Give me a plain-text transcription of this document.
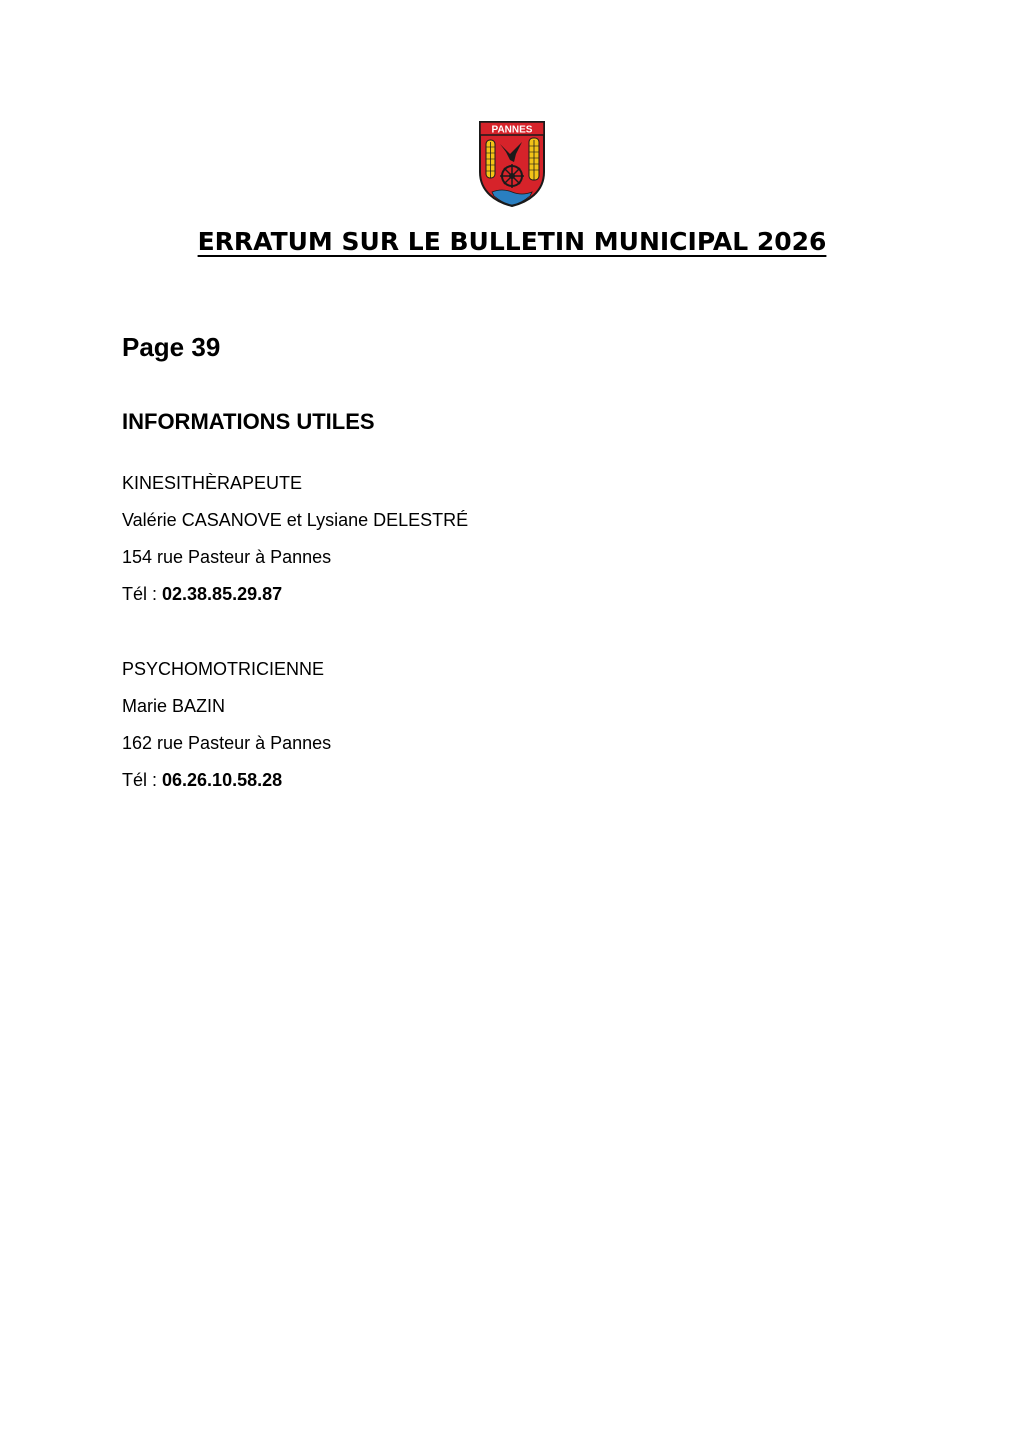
PANNES
ERRATUM SUR LE BULLETIN MUNICIPAL 2026
Page 39
INFORMATIONS UTILES
KINESITHÈRAPEUTE
Valérie CASANOVE et Lysiane DELESTRÉ
154 rue Pasteur à Pannes
Tél : 02.38.85.29.87
PSYCHOMOTRICIENNE
Marie BAZIN
162 rue Pasteur à Pannes
Tél : 06.26.10.58.28
